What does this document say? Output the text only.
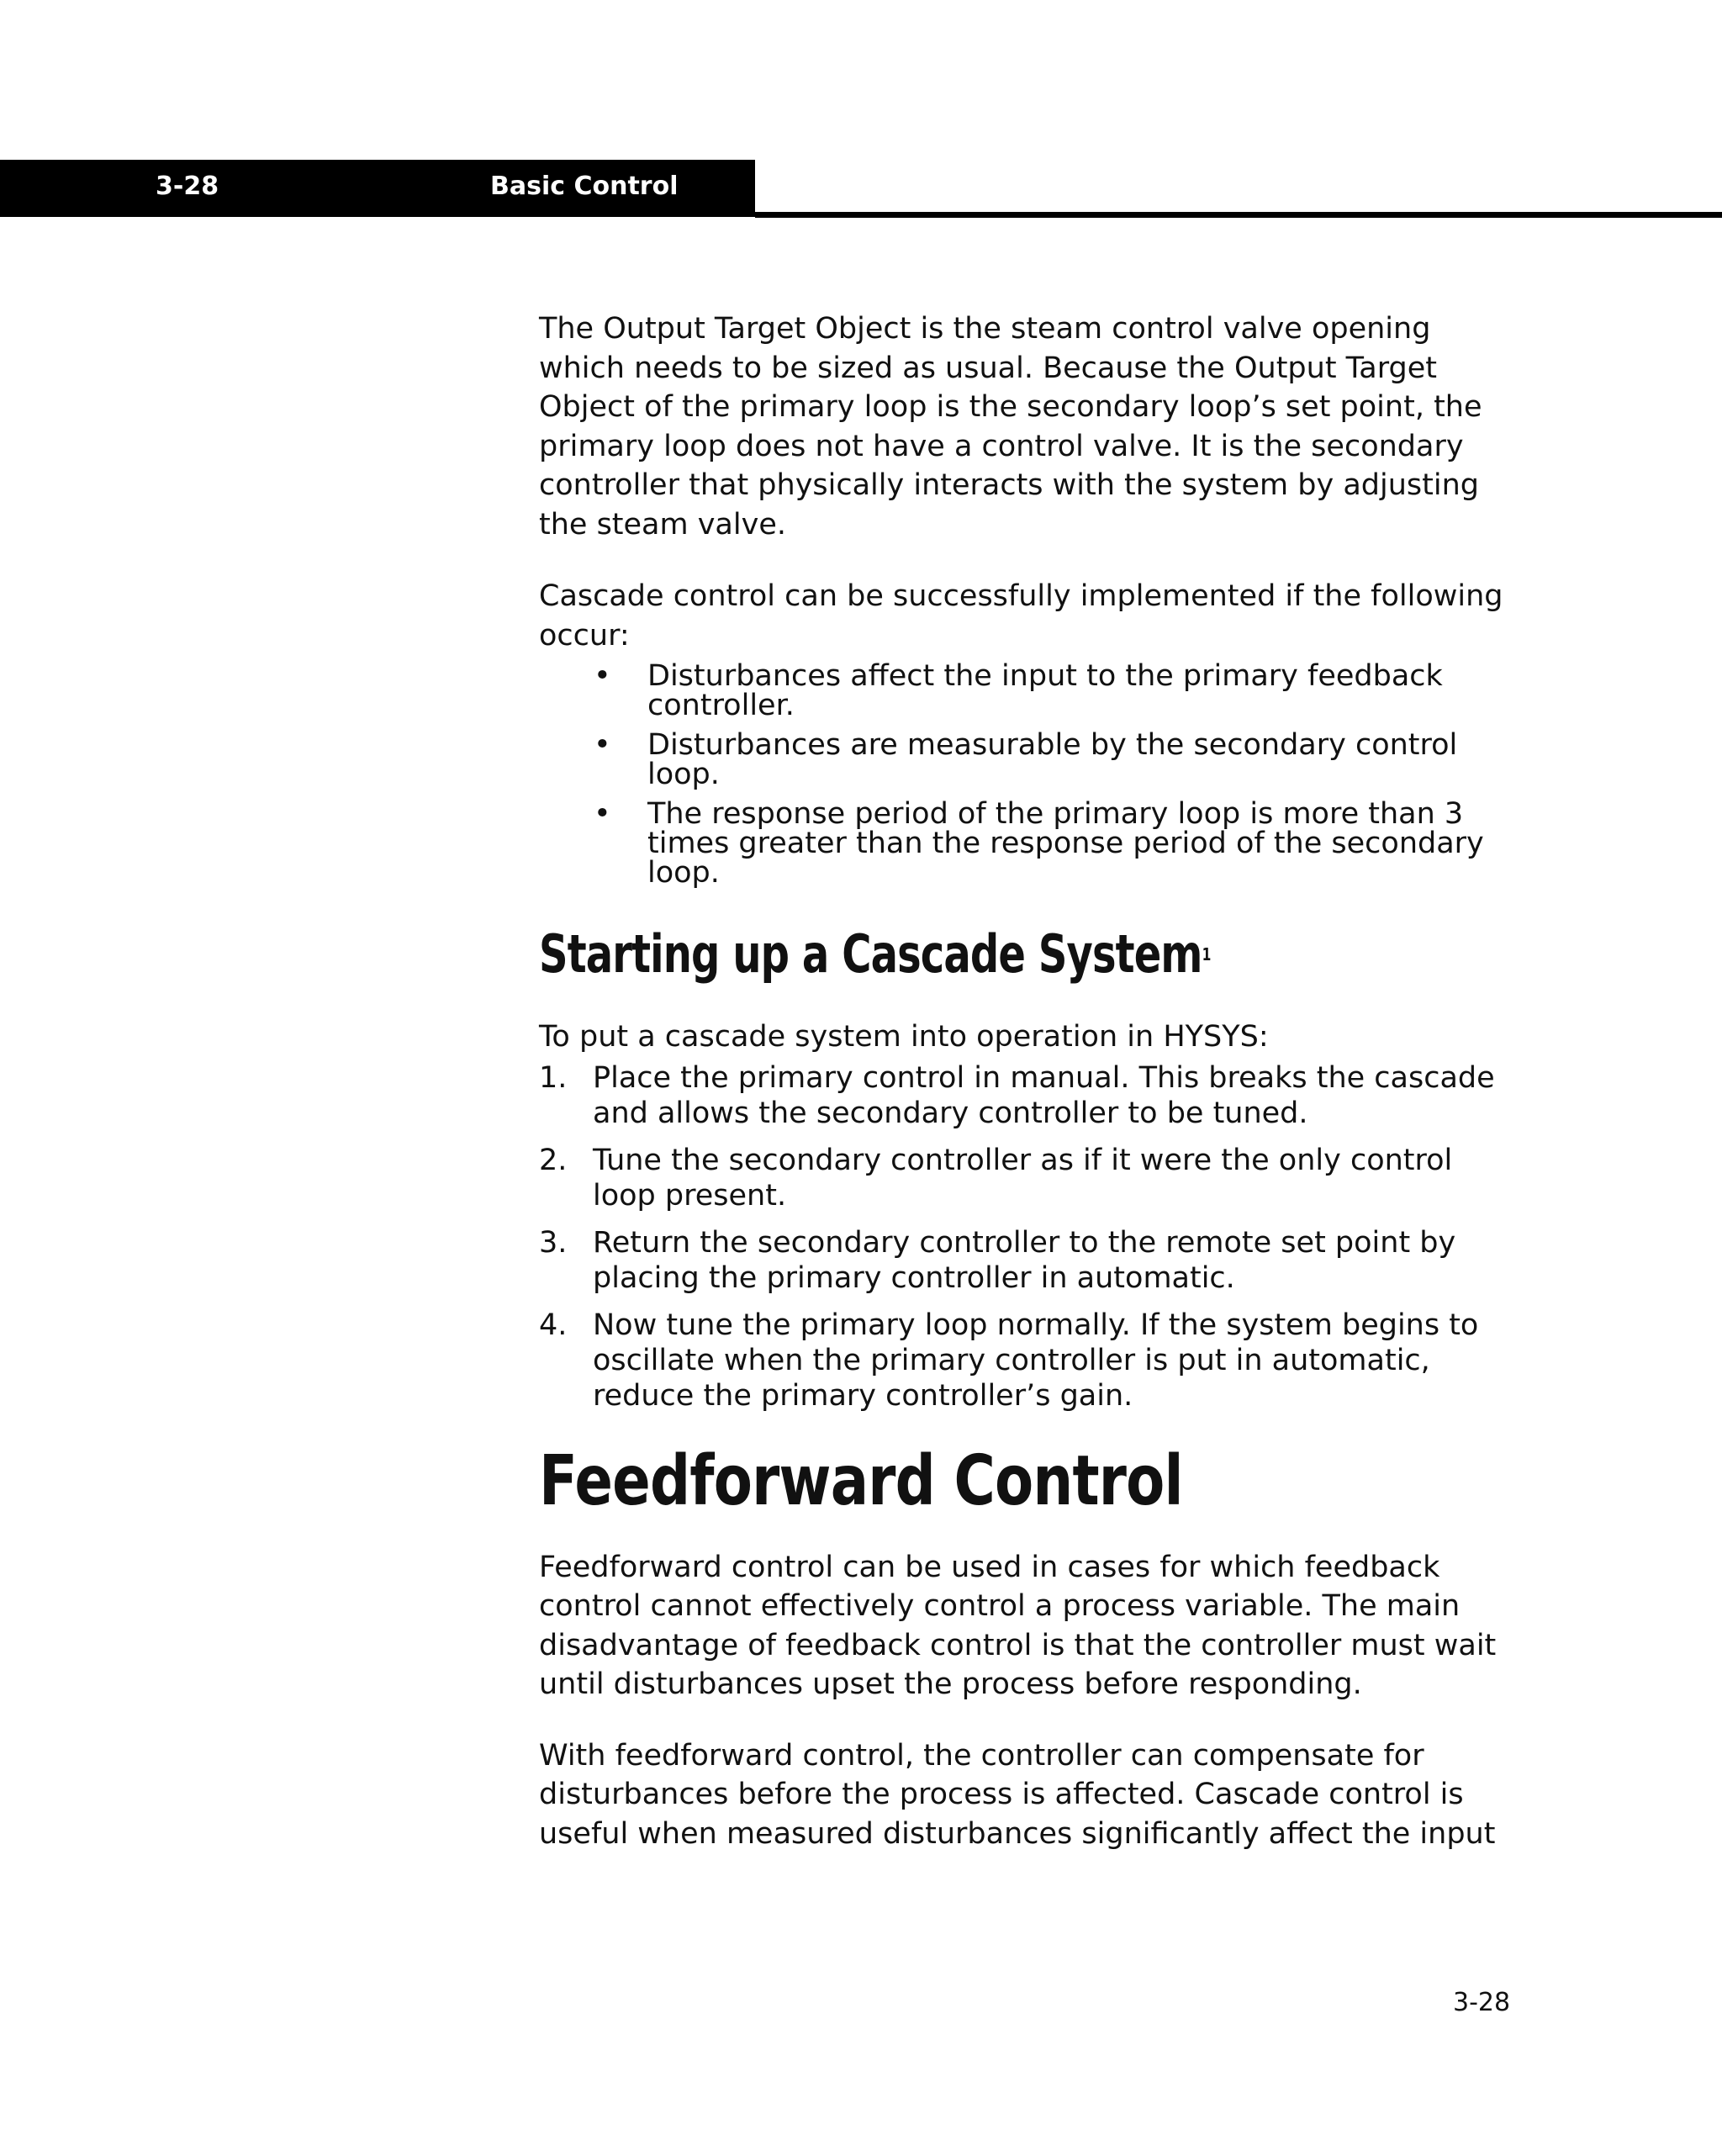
3-28	Basic Control

The Output Target Object is the steam control valve opening
which needs to be sized as usual. Because the Output Target
Object of the primary loop is the secondary loop’s set point, the
primary loop does not have a control valve. It is the secondary
controller that physically interacts with the system by adjusting
the steam valve.

Cascade control can be successfully implemented if the following
occur:

• Disturbances affect the input to the primary feedback
controller.
• Disturbances are measurable by the secondary control
loop.
• The response period of the primary loop is more than 3
times greater than the response period of the secondary
loop.
Starting up a Cascade System$^1$

To put a cascade system into operation in HYSYS:

1. Place the primary control in manual. This breaks the cascade
and allows the secondary controller to be tuned.
2. Tune the secondary controller as if it were the only control
loop present.
3. Return the secondary controller to the remote set point by
placing the primary controller in automatic.
4. Now tune the primary loop normally. If the system begins to
oscillate when the primary controller is put in automatic,
reduce the primary controller’s gain.
Feedforward Control

Feedforward control can be used in cases for which feedback
control cannot effectively control a process variable. The main
disadvantage of feedback control is that the controller must wait
until disturbances upset the process before responding.

With feedforward control, the controller can compensate for
disturbances before the process is affected. Cascade control is
useful when measured disturbances significantly affect the input

3-28
